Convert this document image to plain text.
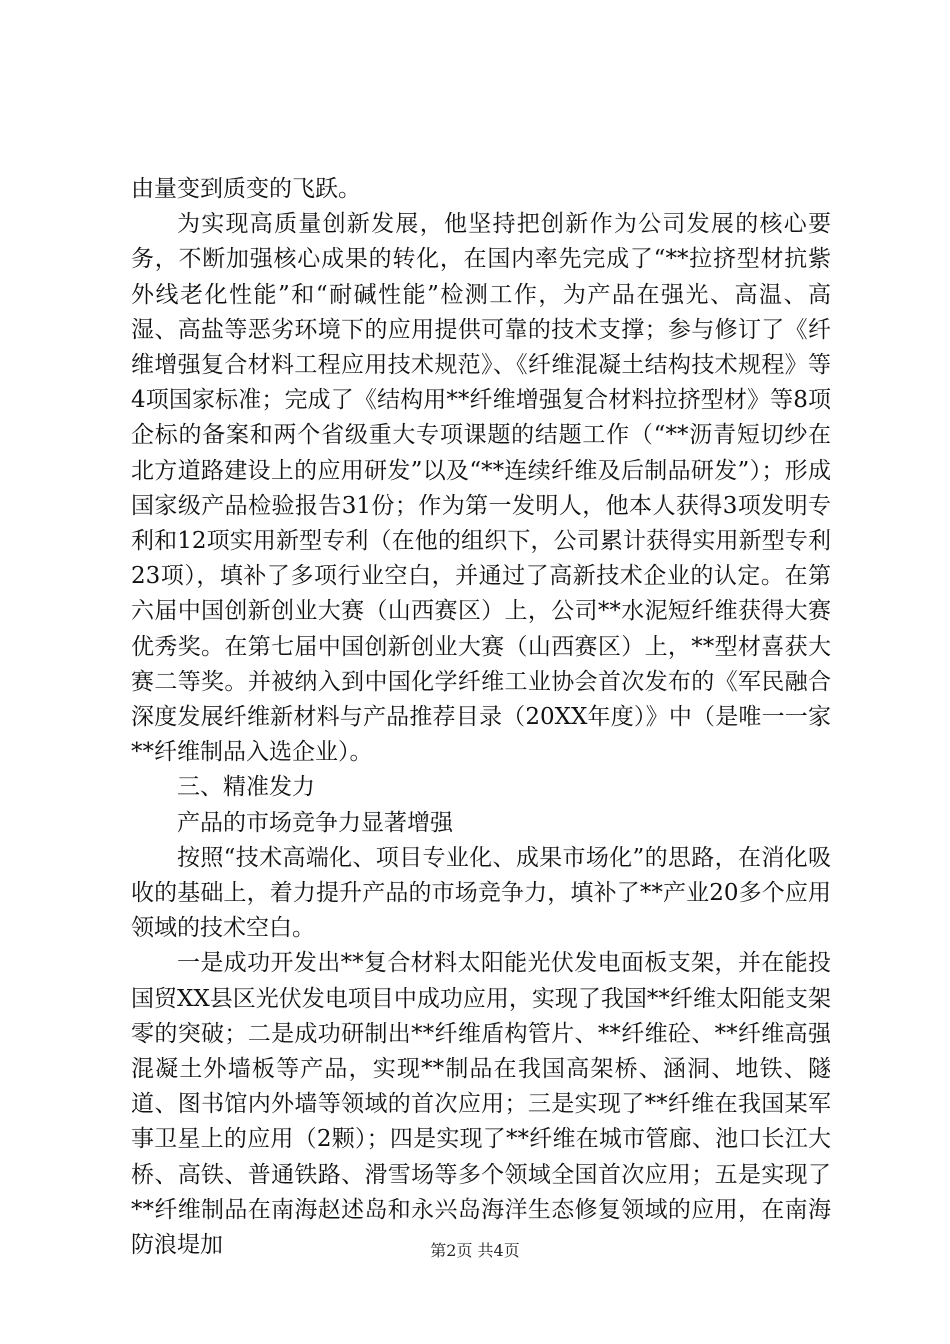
由量变到质变的飞跃。

为实现高质量创新发展，他坚持把创新作为公司发展的核心要务，不断加强核心成果的转化，在国内率先完成了“**拉挤型材抗紫外线老化性能”和“耐碱性能”检测工作，为产品在强光、高温、高湿、高盐等恶劣环境下的应用提供可靠的技术支撑；参与修订了《纤维增强复合材料工程应用技术规范》、《纤维混凝土结构技术规程》等4项国家标准；完成了《结构用**纤维增强复合材料拉挤型材》等8项企标的备案和两个省级重大专项课题的结题工作（“**沥青短切纱在北方道路建设上的应用研发”以及“**连续纤维及后制品研发”）；形成国家级产品检验报告31份；作为第一发明人，他本人获得3项发明专利和12项实用新型专利（在他的组织下，公司累计获得实用新型专利23项），填补了多项行业空白，并通过了高新技术企业的认定。在第六届中国创新创业大赛（山西赛区）上，公司**水泥短纤维获得大赛优秀奖。在第七届中国创新创业大赛（山西赛区）上，**型材喜获大赛二等奖。并被纳入到中国化学纤维工业协会首次发布的《军民融合深度发展纤维新材料与产品推荐目录（20XX年度）》中（是唯一一家**纤维制品入选企业）。

三、精准发力

产品的市场竞争力显著增强

按照“技术高端化、项目专业化、成果市场化”的思路，在消化吸收的基础上，着力提升产品的市场竞争力，填补了**产业20多个应用领域的技术空白。

一是成功开发出**复合材料太阳能光伏发电面板支架，并在能投国贸XX县区光伏发电项目中成功应用，实现了我国**纤维太阳能支架零的突破；二是成功研制出**纤维盾构管片、**纤维砼、**纤维高强混凝土外墙板等产品，实现**制品在我国高架桥、涵洞、地铁、隧道、图书馆内外墙等领域的首次应用；三是实现了**纤维在我国某军事卫星上的应用（2颗）；四是实现了**纤维在城市管廊、池口长江大桥、高铁、普通铁路、滑雪场等多个领域全国首次应用；五是实现了**纤维制品在南海赵述岛和永兴岛海洋生态修复领域的应用，在南海防浪堤加	第2页 共4页
